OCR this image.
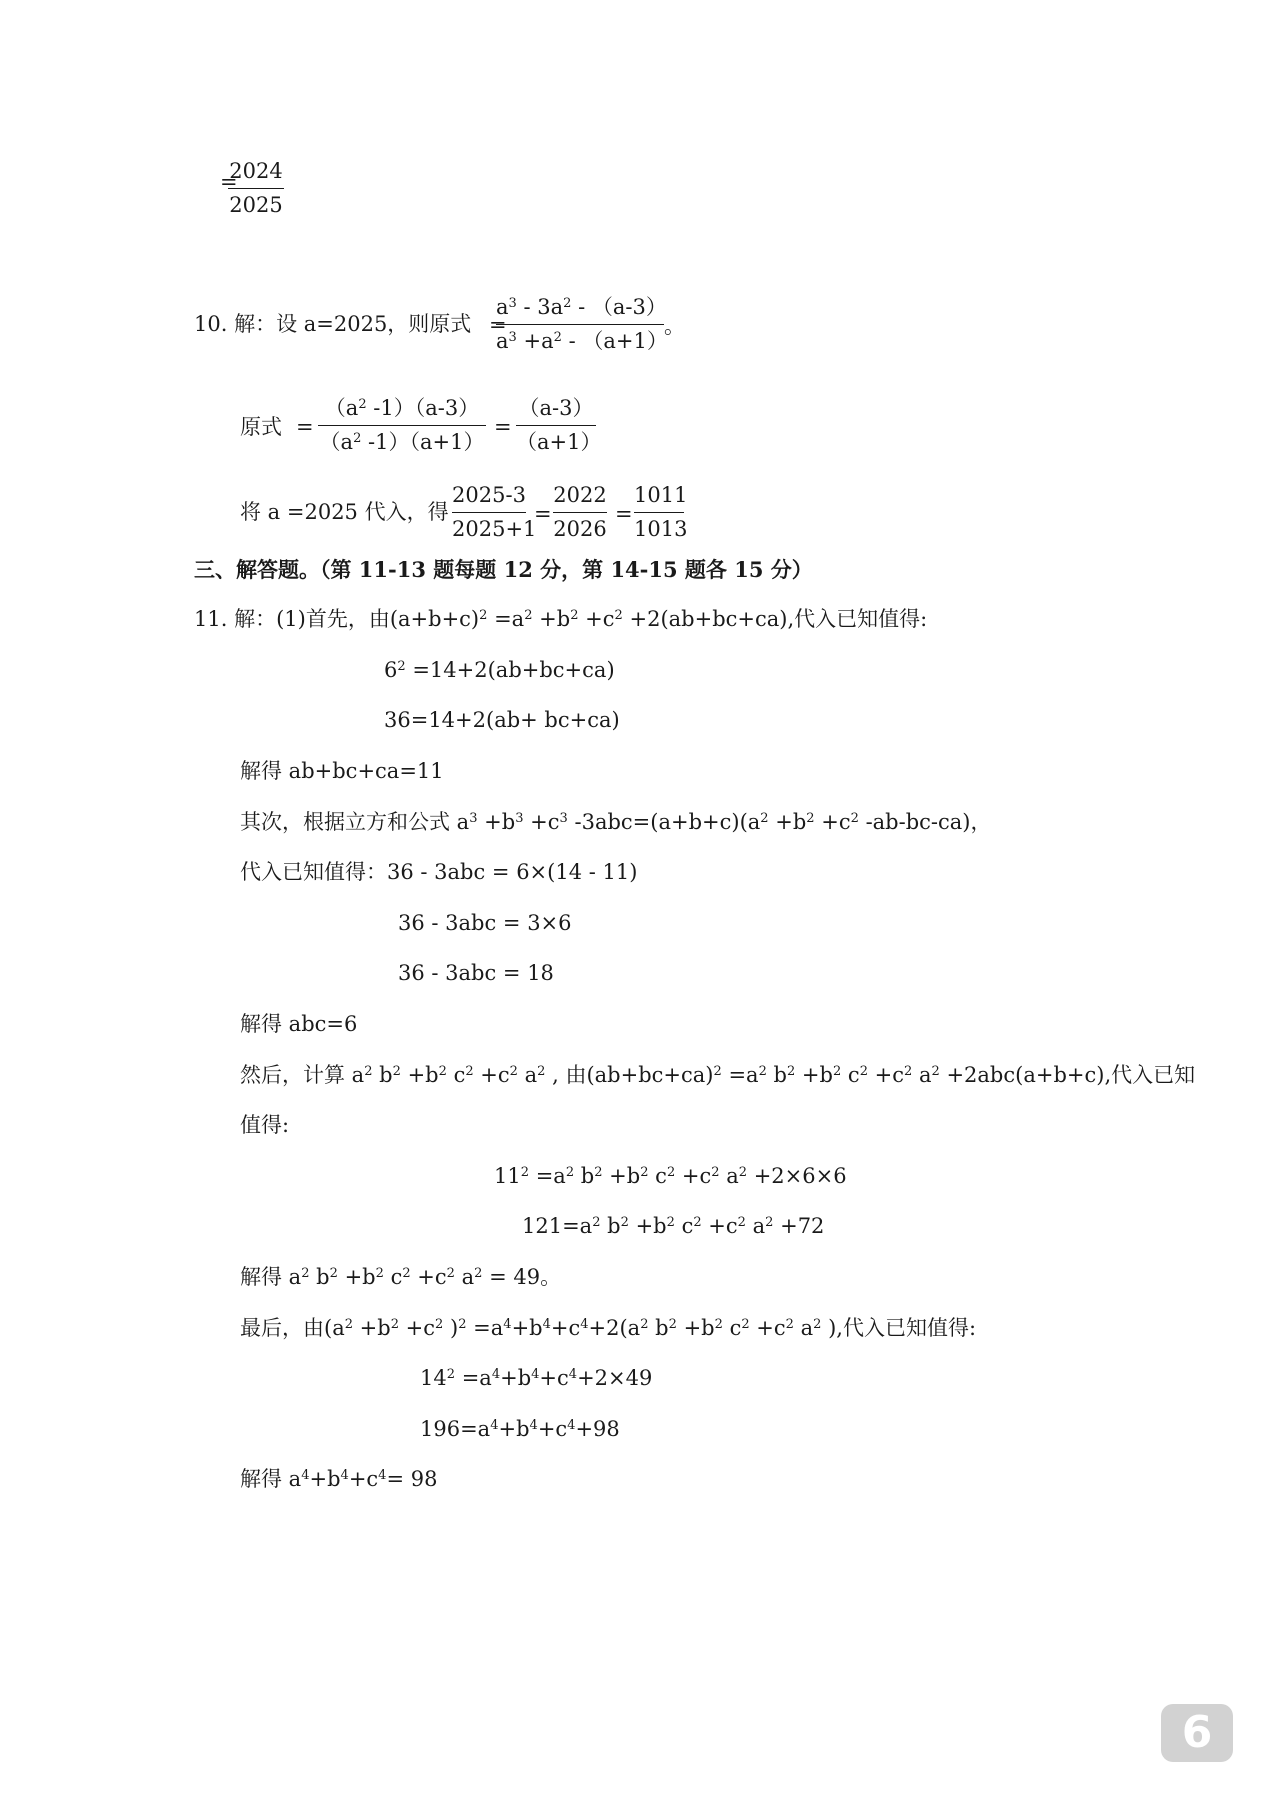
=
2024
2025
10. 解：设 a=2025，则原式 =
$a^3 - 3a^2 - (a-3)$
$a^3 +a^2 - (a+1)$
。
原式 =
（$a^2$ -1）（a-3）
（$a^2$ -1）（a+1）
=
（a-3）
（a+1）
将 a =2025 代入，得
2025-3
2025+1
=
2022
2026
=
1011
1013
三、解答题。（第 11-13 题每题 12 分，第 14-15 题各 15 分）
11. 解：(1)首先，由$(a+b+c)^2 =a^2 +b^2 +c^2 +2(ab+bc+ca)$,代入已知值得:
$6^2 =14+2(ab+bc+ca)$
36=14+2(ab+ bc+ca)
解得 ab+bc+ca=11
其次，根据立方和公式 $a^3 +b^3 +c^3$ $-3abc=(a+b+c)(a^2 +b^2 +c^2$ -ab-bc-ca)，
代入已知值得：36 - 3abc = 6×(14 - 11)
36 - 3abc = 3×6
36 - 3abc = 18
解得 abc=6
然后，计算 $a^2$ $b^2 +b^2$ $c^2 +c^2$ $a^2$ , 由$(ab+bc+ca)^2 =a^2$ $b^2 +b^2$ $c^2 +c^2$ $a^2 +2abc(a+b+c)$,代入已知
值得:
$11^2 =a^2$ $b^2 +b^2$ $c^2 +c^2$ $a^2 +2\times 6\times 6$
$121=a^2$ $b^2 +b^2$ $c^2 +c^2$ $a^2 +72$
解得 $a^2$ $b^2 +b^2$ $c^2 +c^2$ $a^2 = 49$。
最后，由($a^2 +b^2 +c^2$ )$^2 =a^4+b^4+c^4+2(a^2$ $b^2 +b^2$ $c^2 +c^2$ $a^2$ ),代入已知值得:
$14^2 =a^4+b^4+c^4+2\times 49$
$196=a^4+b^4+c^4+98$
解得 $a^4+b^4+c^4= 98$
6
